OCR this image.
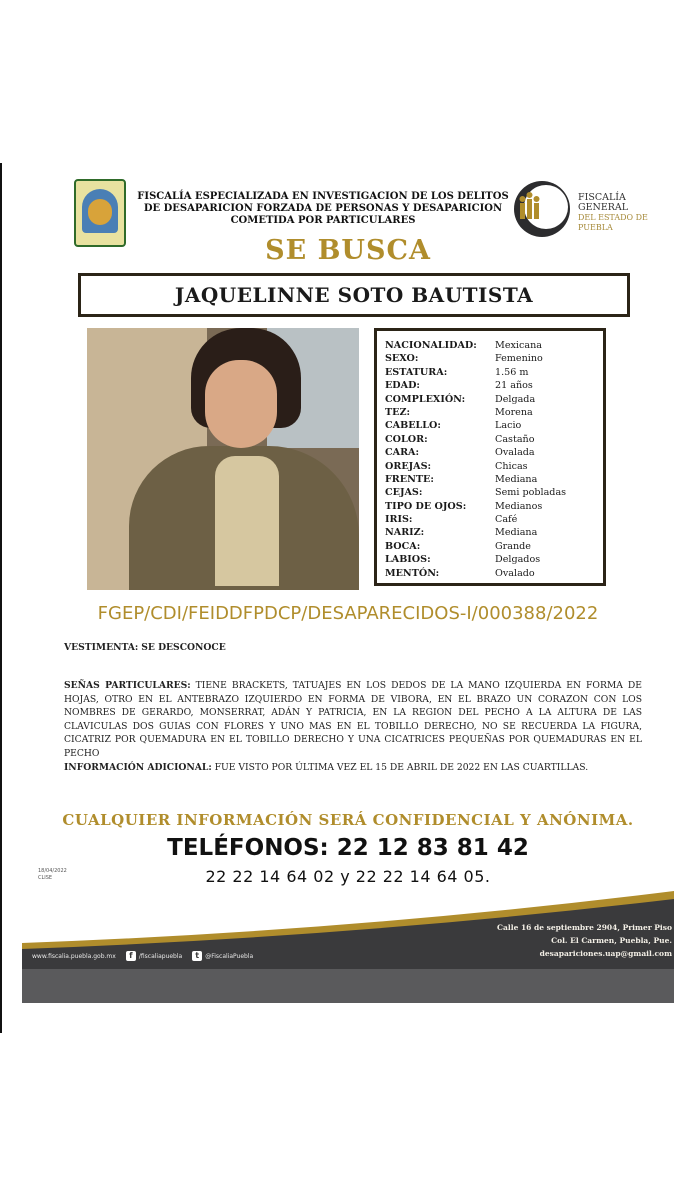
FISCALÍA ESPECIALIZADA EN INVESTIGACION DE LOS DELITOS
DE DESAPARICION FORZADA DE PERSONAS Y DESAPARICION
COMETIDA POR PARTICULARES
FISCALÍA GENERAL
DEL ESTADO DE
PUEBLA
SE BUSCA
JAQUELINNE SOTO BAUTISTA
NACIONALIDAD:	Mexicana
SEXO:	Femenino
ESTATURA:	1.56 m
EDAD:	21 años
COMPLEXIÓN:	Delgada
TEZ:	Morena
CABELLO:	Lacio
COLOR:	Castaño
CARA:	Ovalada
OREJAS:	Chicas
FRENTE:	Mediana
CEJAS:	Semi pobladas
TIPO DE OJOS:	Medianos
IRIS:	Café
NARIZ:	Mediana
BOCA:	Grande
LABIOS:	Delgados
MENTÓN:	Ovalado
FGEP/CDI/FEIDDFPDCP/DESAPARECIDOS-I/000388/2022
VESTIMENTA: SE DESCONOCE
SEÑAS PARTICULARES: TIENE BRACKETS, TATUAJES EN LOS DEDOS DE LA MANO IZQUIERDA EN FORMA DE HOJAS, OTRO EN EL ANTEBRAZO IZQUIERDO EN FORMA DE VIBORA, EN EL BRAZO UN CORAZON CON LOS NOMBRES DE GERARDO, MONSERRAT, ADÁN Y PATRICIA, EN LA REGION DEL PECHO A LA ALTURA DE LAS CLAVICULAS DOS GUIAS CON FLORES Y UNO MAS EN EL TOBILLO DERECHO, NO SE RECUERDA LA FIGURA, CICATRIZ POR QUEMADURA EN EL TOBILLO DERECHO Y UNA CICATRICES PEQUEÑAS POR QUEMADURAS EN EL PECHO
INFORMACIÓN ADICIONAL: FUE VISTO POR ÚLTIMA VEZ EL 15 DE ABRIL DE 2022 EN LAS CUARTILLAS.
CUALQUIER INFORMACIÓN SERÁ CONFIDENCIAL Y ANÓNIMA.
TELÉFONOS: 22 12 83 81 42
18/04/2022
CLISE	22 22 14 64 02 y 22 22 14 64 05.
Calle 16 de septiembre 2904, Primer Piso
Col. El Carmen, Puebla, Pue.
desapariciones.uap@gmail.com
www.fiscalia.puebla.gob.mx	f /fiscaliapuebla	t @FiscaliaPuebla
